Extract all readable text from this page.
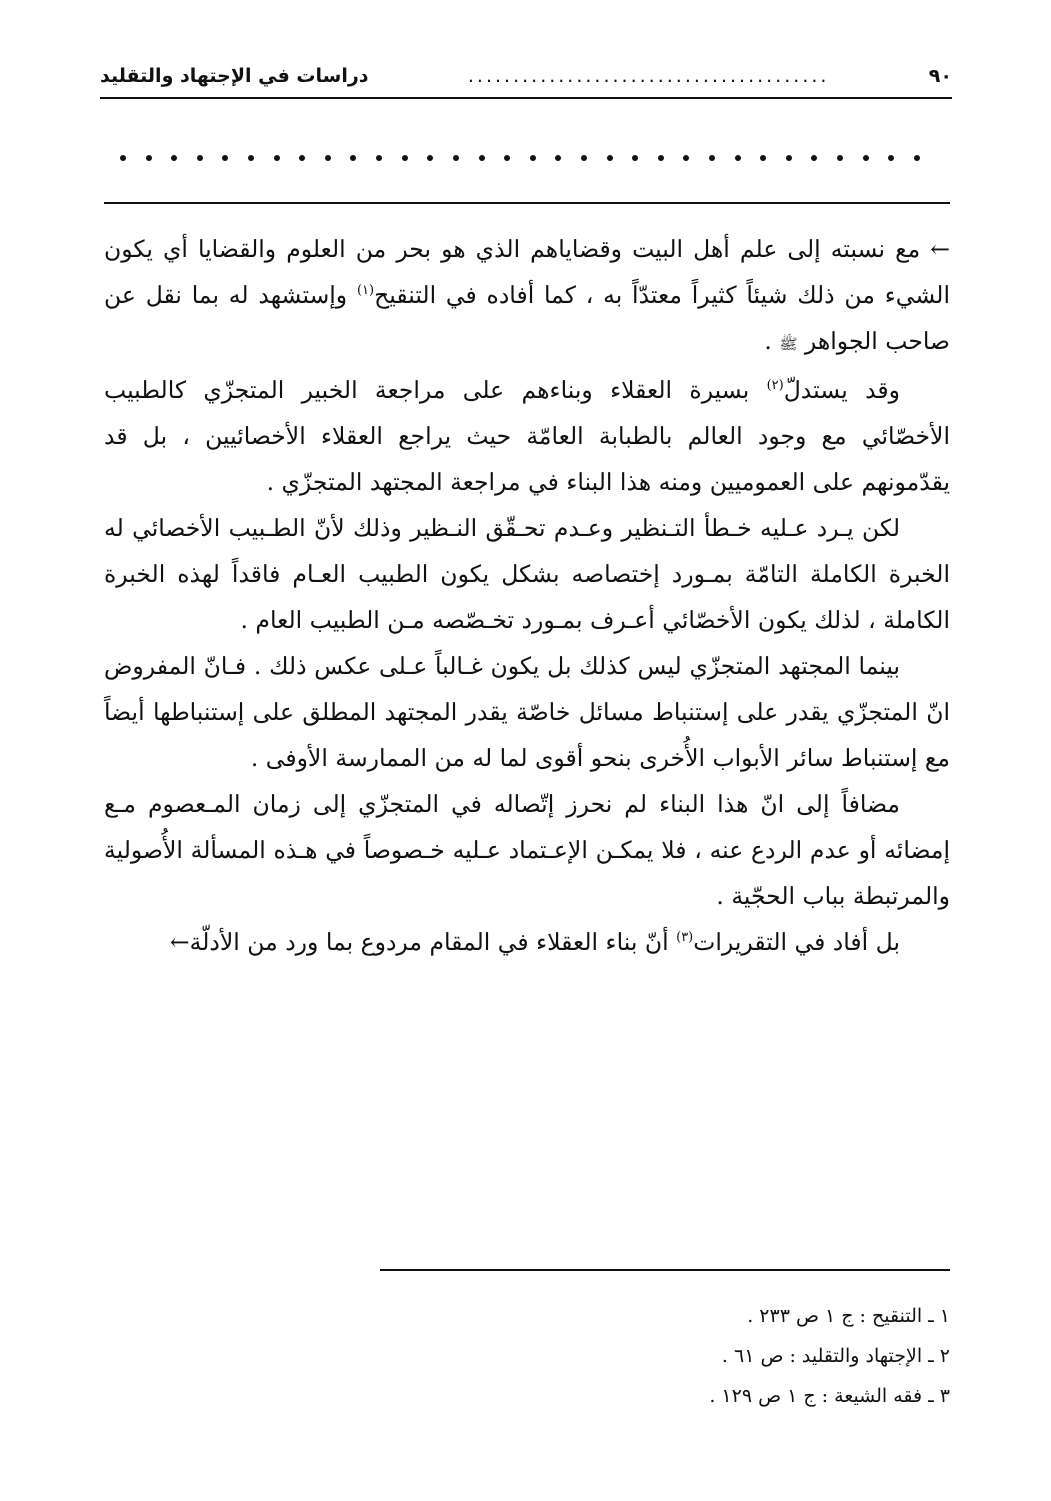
٩٠
........................................
دراسات في الإجتهاد والتقليد

← مع نسبته إلى علم أهل البيت وقضاياهم الذي هو بحر من العلوم والقضايا أي يكون الشيء من ذلك شيئاً كثيراً معتدّاً به ، كما أفاده في التنقيح$^{(١)}$ وإستشهد له بما نقل عن صاحب الجواهر ﷺ .

وقد يستدلّ$^{(٢)}$ بسيرة العقلاء وبناءهم على مراجعة الخبير المتجزّي كالطبيب الأخصّائي مع وجود العالم بالطبابة العامّة حيث يراجع العقلاء الأخصائيين ، بل قد يقدّمونهم على العموميين ومنه هذا البناء في مراجعة المجتهد المتجزّي .

لكن يـرد عـليه خـطأ التـنظير وعـدم تحـقّق النـظير وذلك لأنّ الطـبيب الأخصائي له الخبرة الكاملة التامّة بمـورد إختصاصه بشكل يكون الطبيب العـام فاقداً لهذه الخبرة الكاملة ، لذلك يكون الأخصّائي أعـرف بمـورد تخـصّصه مـن الطبيب العام .

بينما المجتهد المتجزّي ليس كذلك بل يكون غـالباً عـلى عكس ذلك . فـانّ المفروض انّ المتجزّي يقدر على إستنباط مسائل خاصّة يقدر المجتهد المطلق على إستنباطها أيضاً مع إستنباط سائر الأبواب الأُخرى بنحو أقوى لما له من الممارسة الأوفى .

مضافاً إلى انّ هذا البناء لم نحرز إتّصاله في المتجزّي إلى زمان المـعصوم مـع إمضائه أو عدم الردع عنه ، فلا يمكـن الإعـتماد عـليه خـصوصاً في هـذه المسألة الأُصولية والمرتبطة بباب الحجّية .

بل أفاد في التقريرات$^{(٣)}$ أنّ بناء العقلاء في المقام مردوع بما ورد من الأدلّة←

١ ـ التنقيح : ج ١ ص ٢٣٣ .
٢ ـ الإجتهاد والتقليد : ص ٦١ .
٣ ـ فقه الشيعة : ج ١ ص ١٢٩ .
